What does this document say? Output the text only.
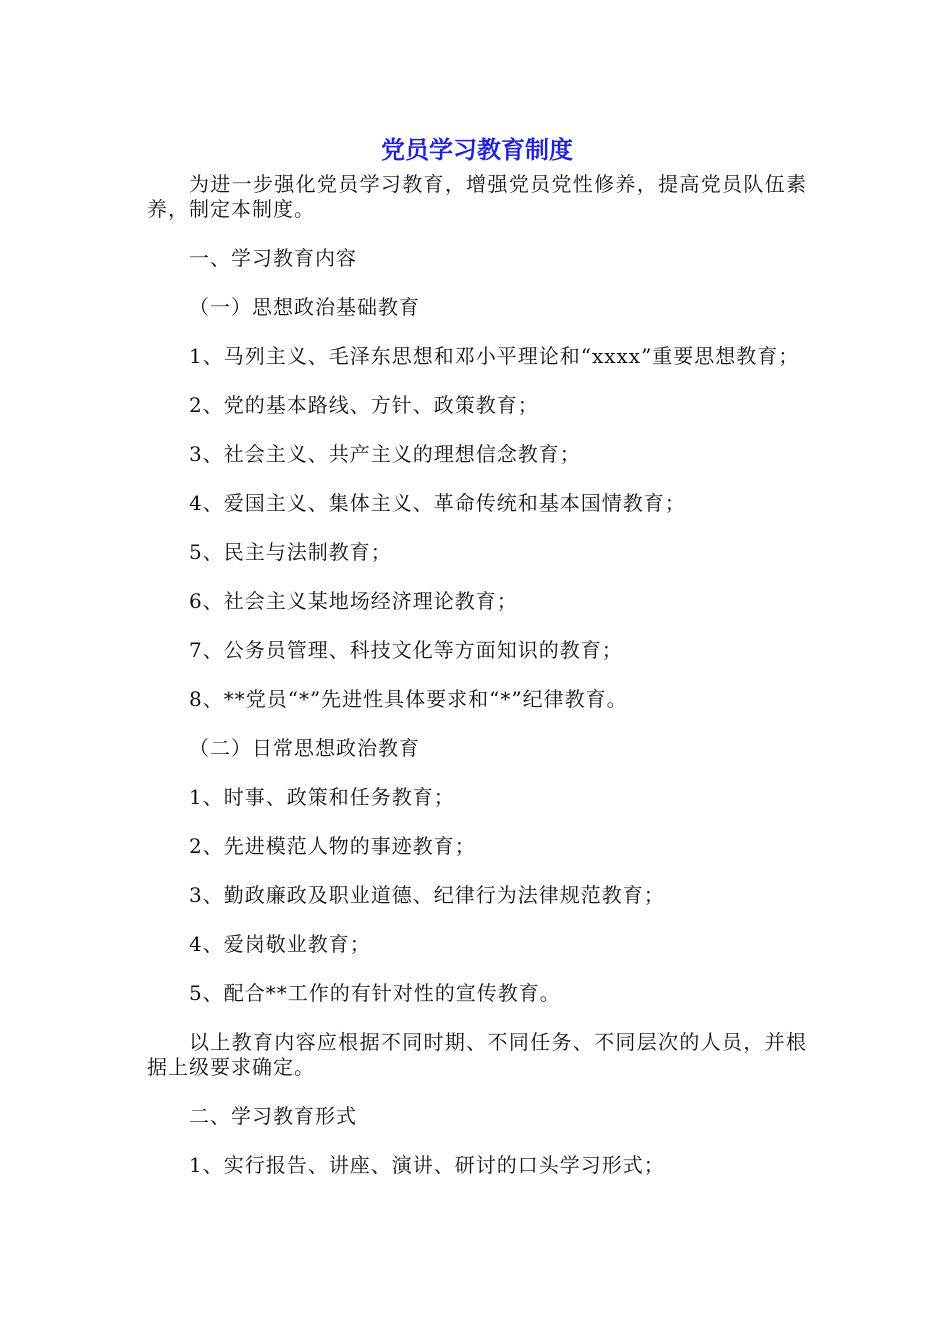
党员学习教育制度

为进一步强化党员学习教育，增强党员党性修养，提高党员队伍素养，制定本制度。

一、学习教育内容

（一）思想政治基础教育

1、马列主义、毛泽东思想和邓小平理论和“xxxx”重要思想教育；

2、党的基本路线、方针、政策教育；

3、社会主义、共产主义的理想信念教育；

4、爱国主义、集体主义、革命传统和基本国情教育；

5、民主与法制教育；

6、社会主义某地场经济理论教育；

7、公务员管理、科技文化等方面知识的教育；

8、**党员“*”先进性具体要求和“*”纪律教育。

（二）日常思想政治教育

1、时事、政策和任务教育；

2、先进模范人物的事迹教育；

3、勤政廉政及职业道德、纪律行为法律规范教育；

4、爱岗敬业教育；

5、配合**工作的有针对性的宣传教育。

以上教育内容应根据不同时期、不同任务、不同层次的人员，并根据上级要求确定。

二、学习教育形式

1、实行报告、讲座、演讲、研讨的口头学习形式；
